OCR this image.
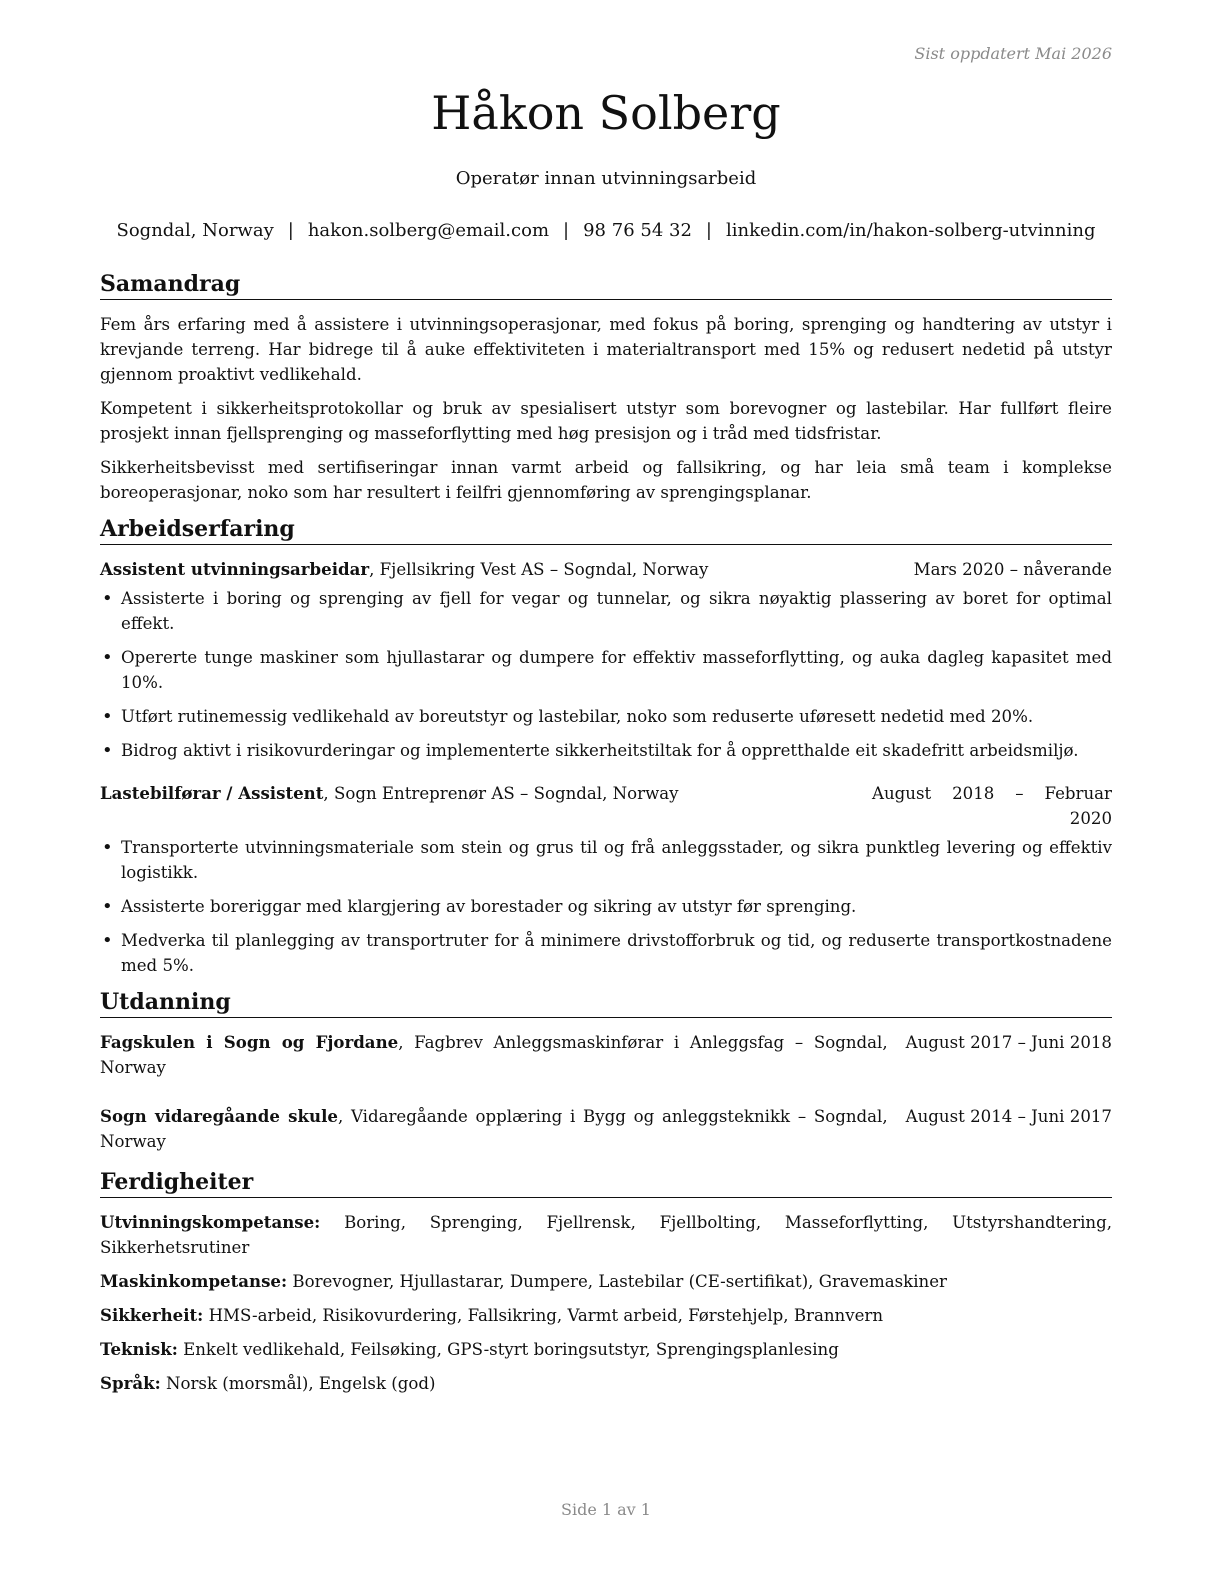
Sist oppdatert Mai 2026
Håkon Solberg
Operatør innan utvinningsarbeid
Sogndal, Norway | hakon.solberg@email.com | 98 76 54 32 | linkedin.com/in/hakon-solberg-utvinning
Samandrag

Fem års erfaring med å assistere i utvinningsoperasjonar, med fokus på boring, sprenging og handtering av utstyr i krevjande terreng. Har bidrege til å auke effektiviteten i materialtransport med 15% og redusert nedetid på utstyr gjennom proaktivt vedlikehald.

Kompetent i sikkerheitsprotokollar og bruk av spesialisert utstyr som borevogner og lastebilar. Har fullført fleire prosjekt innan fjellsprenging og masseforflytting med høg presisjon og i tråd med tidsfristar.

Sikkerheitsbevisst med sertifiseringar innan varmt arbeid og fallsikring, og har leia små team i komplekse boreoperasjonar, noko som har resultert i feilfri gjennomføring av sprengingsplanar.

Arbeidserfaring
Assistent utvinningsarbeidar, Fjellsikring Vest AS – Sogndal, Norway	Mars 2020 – nåverande
• Assisterte i boring og sprenging av fjell for vegar og tunnelar, og sikra nøyaktig plassering av boret for optimal effekt.
• Opererte tunge maskiner som hjullastarar og dumpere for effektiv masseforflytting, og auka dagleg kapasitet med 10%.
• Utført rutinemessig vedlikehald av boreutstyr og lastebilar, noko som reduserte uføresett nedetid med 20%.
• Bidrog aktivt i risikovurderingar og implementerte sikkerheitstiltak for å oppretthalde eit skadefritt arbeidsmiljø.
Lastebilførar / Assistent, Sogn Entreprenør AS – Sogndal, Norway	August 2018 – Februar 2020
• Transporterte utvinningsmateriale som stein og grus til og frå anleggsstader, og sikra punktleg levering og effektiv logistikk.
• Assisterte boreriggar med klargjering av borestader og sikring av utstyr før sprenging.
• Medverka til planlegging av transportruter for å minimere drivstofforbruk og tid, og reduserte transportkostnadene med 5%.
Utdanning
Fagskulen i Sogn og Fjordane, Fagbrev Anleggsmaskinførar i Anleggsfag – Sogndal, Norway
August 2017 – Juni 2018
Sogn vidaregåande skule, Vidaregåande opplæring i Bygg og anleggsteknikk – Sogndal, Norway
August 2014 – Juni 2017
Ferdigheiter
Utvinningskompetanse: Boring, Sprenging, Fjellrensk, Fjellbolting, Masseforflytting, Utstyrshandtering, Sikkerhetsrutiner
Maskinkompetanse: Borevogner, Hjullastarar, Dumpere, Lastebilar (CE-sertifikat), Gravemaskiner
Sikkerheit: HMS-arbeid, Risikovurdering, Fallsikring, Varmt arbeid, Førstehjelp, Brannvern
Teknisk: Enkelt vedlikehald, Feilsøking, GPS-styrt boringsutstyr, Sprengingsplanlesing
Språk: Norsk (morsmål), Engelsk (god)
Side 1 av 1
